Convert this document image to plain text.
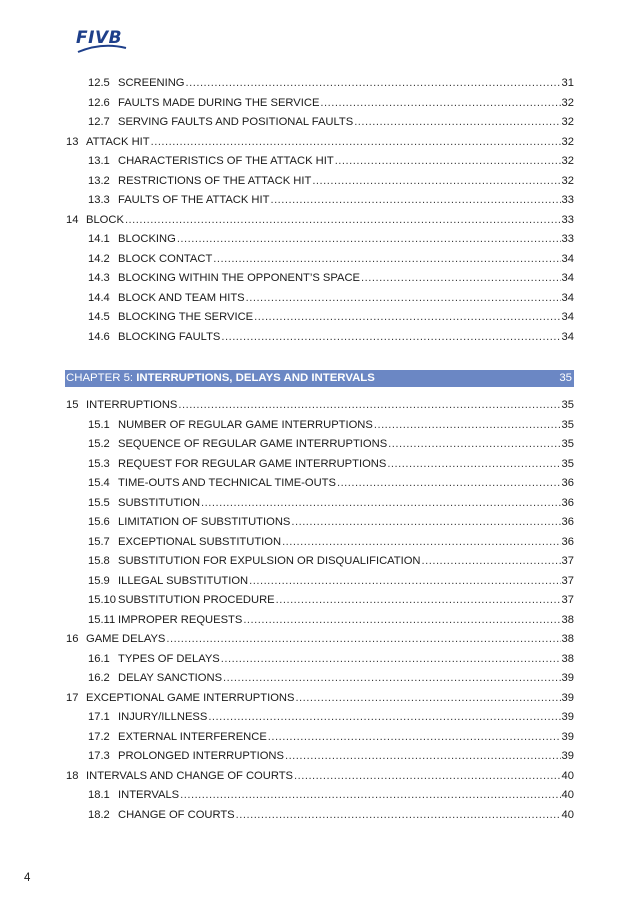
FIVB
12.5 SCREENING .....	31
12.6 FAULTS MADE DURING THE SERVICE .....	32
12.7 SERVING FAULTS AND POSITIONAL FAULTS .....	32
13 ATTACK HIT .....	32
13.1 CHARACTERISTICS OF THE ATTACK HIT .....	32
13.2 RESTRICTIONS OF THE ATTACK HIT .....	32
13.3 FAULTS OF THE ATTACK HIT .....	33
14 BLOCK .....	33
14.1 BLOCKING .....	33
14.2 BLOCK CONTACT .....	34
14.3 BLOCKING WITHIN THE OPPONENT’S SPACE .....	34
14.4 BLOCK AND TEAM HITS .....	34
14.5 BLOCKING THE SERVICE .....	34
14.6 BLOCKING FAULTS .....	34
CHAPTER 5: INTERRUPTIONS, DELAYS AND INTERVALS	35
15 INTERRUPTIONS .....	35
15.1 NUMBER OF REGULAR GAME INTERRUPTIONS .....	35
15.2 SEQUENCE OF REGULAR GAME INTERRUPTIONS .....	35
15.3 REQUEST FOR REGULAR GAME INTERRUPTIONS .....	35
15.4 TIME-OUTS AND TECHNICAL TIME-OUTS .....	36
15.5 SUBSTITUTION .....	36
15.6 LIMITATION OF SUBSTITUTIONS .....	36
15.7 EXCEPTIONAL SUBSTITUTION .....	36
15.8 SUBSTITUTION FOR EXPULSION OR DISQUALIFICATION .....	37
15.9 ILLEGAL SUBSTITUTION .....	37
15.10 SUBSTITUTION PROCEDURE .....	37
15.11 IMPROPER REQUESTS .....	38
16 GAME DELAYS .....	38
16.1 TYPES OF DELAYS .....	38
16.2 DELAY SANCTIONS .....	39
17 EXCEPTIONAL GAME INTERRUPTIONS .....	39
17.1 INJURY/ILLNESS .....	39
17.2 EXTERNAL INTERFERENCE .....	39
17.3 PROLONGED INTERRUPTIONS .....	39
18 INTERVALS AND CHANGE OF COURTS .....	40
18.1 INTERVALS .....	40
18.2 CHANGE OF COURTS .....	40
4
